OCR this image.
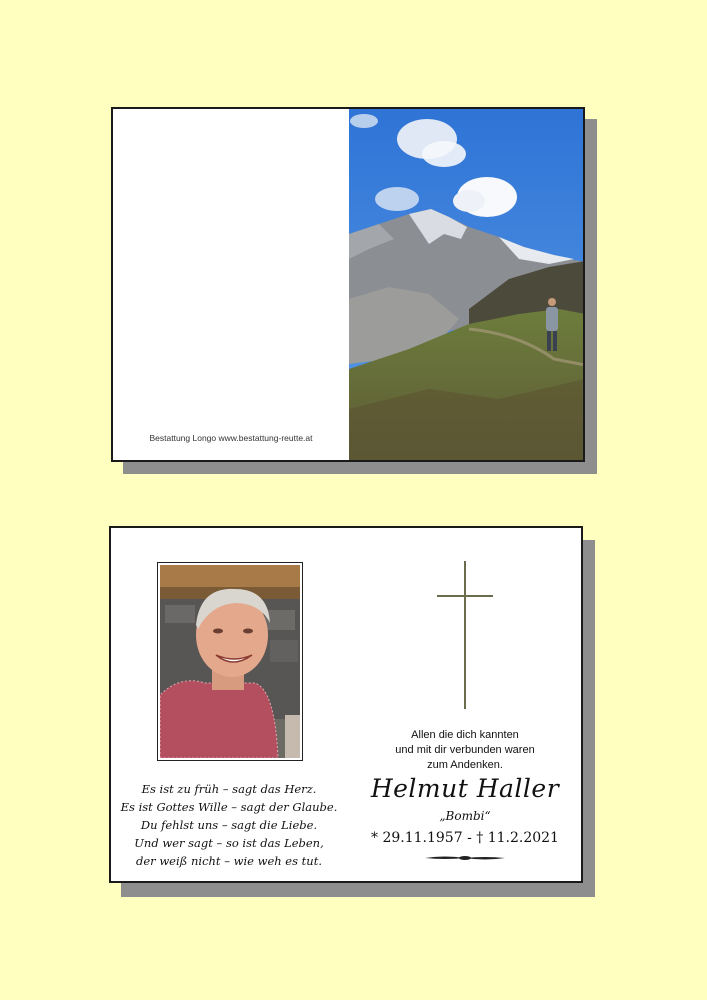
Bestattung Longo www.bestattung-reutte.at
Es ist zu früh – sagt das Herz.
Es ist Gottes Wille – sagt der Glaube.
Du fehlst uns – sagt die Liebe.
Und wer sagt – so ist das Leben,
der weiß nicht – wie weh es tut.
Allen die dich kannten
und mit dir verbunden waren
zum Andenken.
Helmut Haller
„Bombi“
* 29.11.1957 - † 11.2.2021
